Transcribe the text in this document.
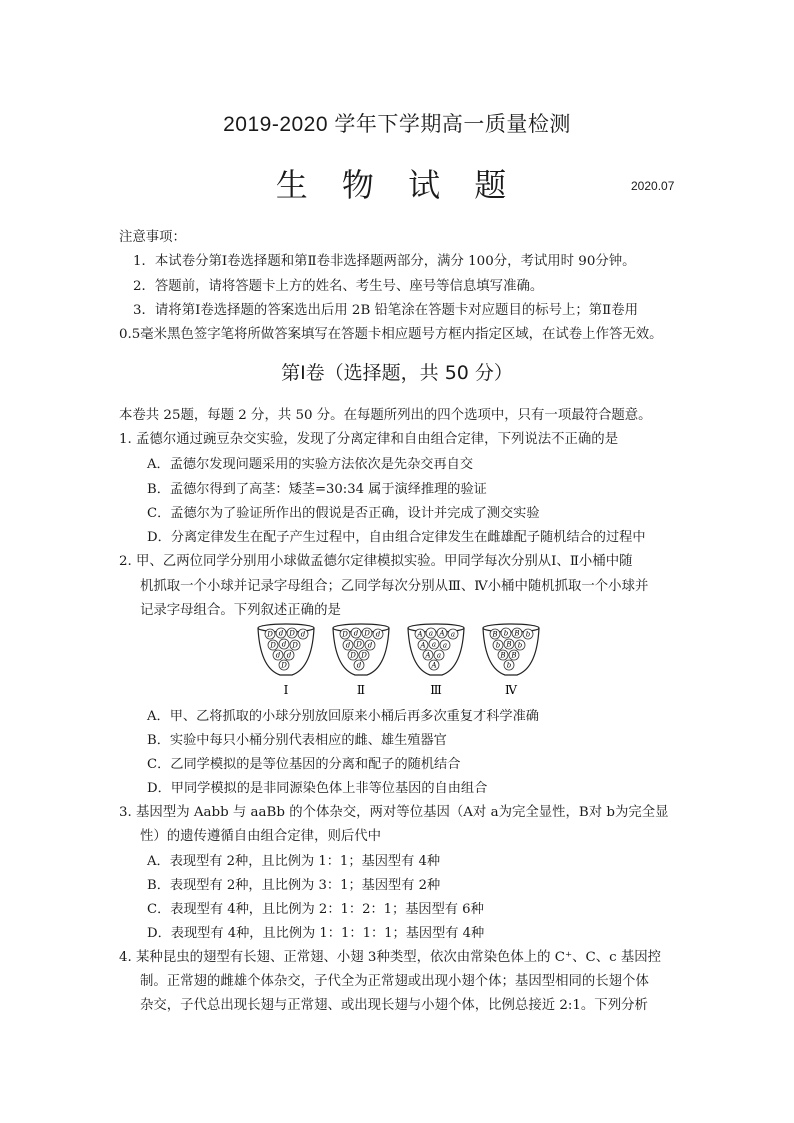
2019-2020 学年下学期高一质量检测
生 物 试 题	2020.07
注意事项：
1．本试卷分第Ⅰ卷选择题和第Ⅱ卷非选择题两部分，满分 100分，考试用时 90分钟。
2．答题前，请将答题卡上方的姓名、考生号、座号等信息填写准确。
3．请将第Ⅰ卷选择题的答案选出后用 2B 铅笔涂在答题卡对应题目的标号上；第Ⅱ卷用
0.5毫米黑色签字笔将所做答案填写在答题卡相应题号方框内指定区域，在试卷上作答无效。
第Ⅰ卷（选择题，共 50 分）
本卷共 25题，每题 2 分，共 50 分。在每题所列出的四个选项中，只有一项最符合题意。
1. 孟德尔通过豌豆杂交实验，发现了分离定律和自由组合定律，下列说法不正确的是
A．孟德尔发现问题采用的实验方法依次是先杂交再自交
B．孟德尔得到了高茎：矮茎=30:34 属于演绎推理的验证
C．孟德尔为了验证所作出的假说是否正确，设计并完成了测交实验
D．分离定律发生在配子产生过程中，自由组合定律发生在雌雄配子随机结合的过程中
2. 甲、乙两位同学分别用小球做孟德尔定律模拟实验。甲同学每次分别从Ⅰ、Ⅱ小桶中随
机抓取一个小球并记录字母组合；乙同学每次分别从Ⅲ、Ⅳ小桶中随机抓取一个小球并
记录字母组合。下列叙述正确的是
D d D d
D d D
d d
D
Ⅰ
D d D d
d D d
D D
d
Ⅱ
A a A a
A a a
A a
A
Ⅲ
B b B b
b B b
B B
b
Ⅳ
A．甲、乙将抓取的小球分别放回原来小桶后再多次重复才科学准确
B．实验中每只小桶分别代表相应的雌、雄生殖器官
C．乙同学模拟的是等位基因的分离和配子的随机结合
D．甲同学模拟的是非同源染色体上非等位基因的自由组合
3. 基因型为 Aabb 与 aaBb 的个体杂交，两对等位基因（A对 a为完全显性，B对 b为完全显
性）的遗传遵循自由组合定律，则后代中
A．表现型有 2种，且比例为 1：1；基因型有 4种
B．表现型有 2种，且比例为 3：1；基因型有 2种
C．表现型有 4种，且比例为 2：1：2：1；基因型有 6种
D．表现型有 4种，且比例为 1：1：1：1；基因型有 4种
4. 某种昆虫的翅型有长翅、正常翅、小翅 3种类型，依次由常染色体上的 C⁺、C、c 基因控
制。正常翅的雌雄个体杂交，子代全为正常翅或出现小翅个体；基因型相同的长翅个体
杂交，子代总出现长翅与正常翅、或出现长翅与小翅个体，比例总接近 2:1。下列分析
